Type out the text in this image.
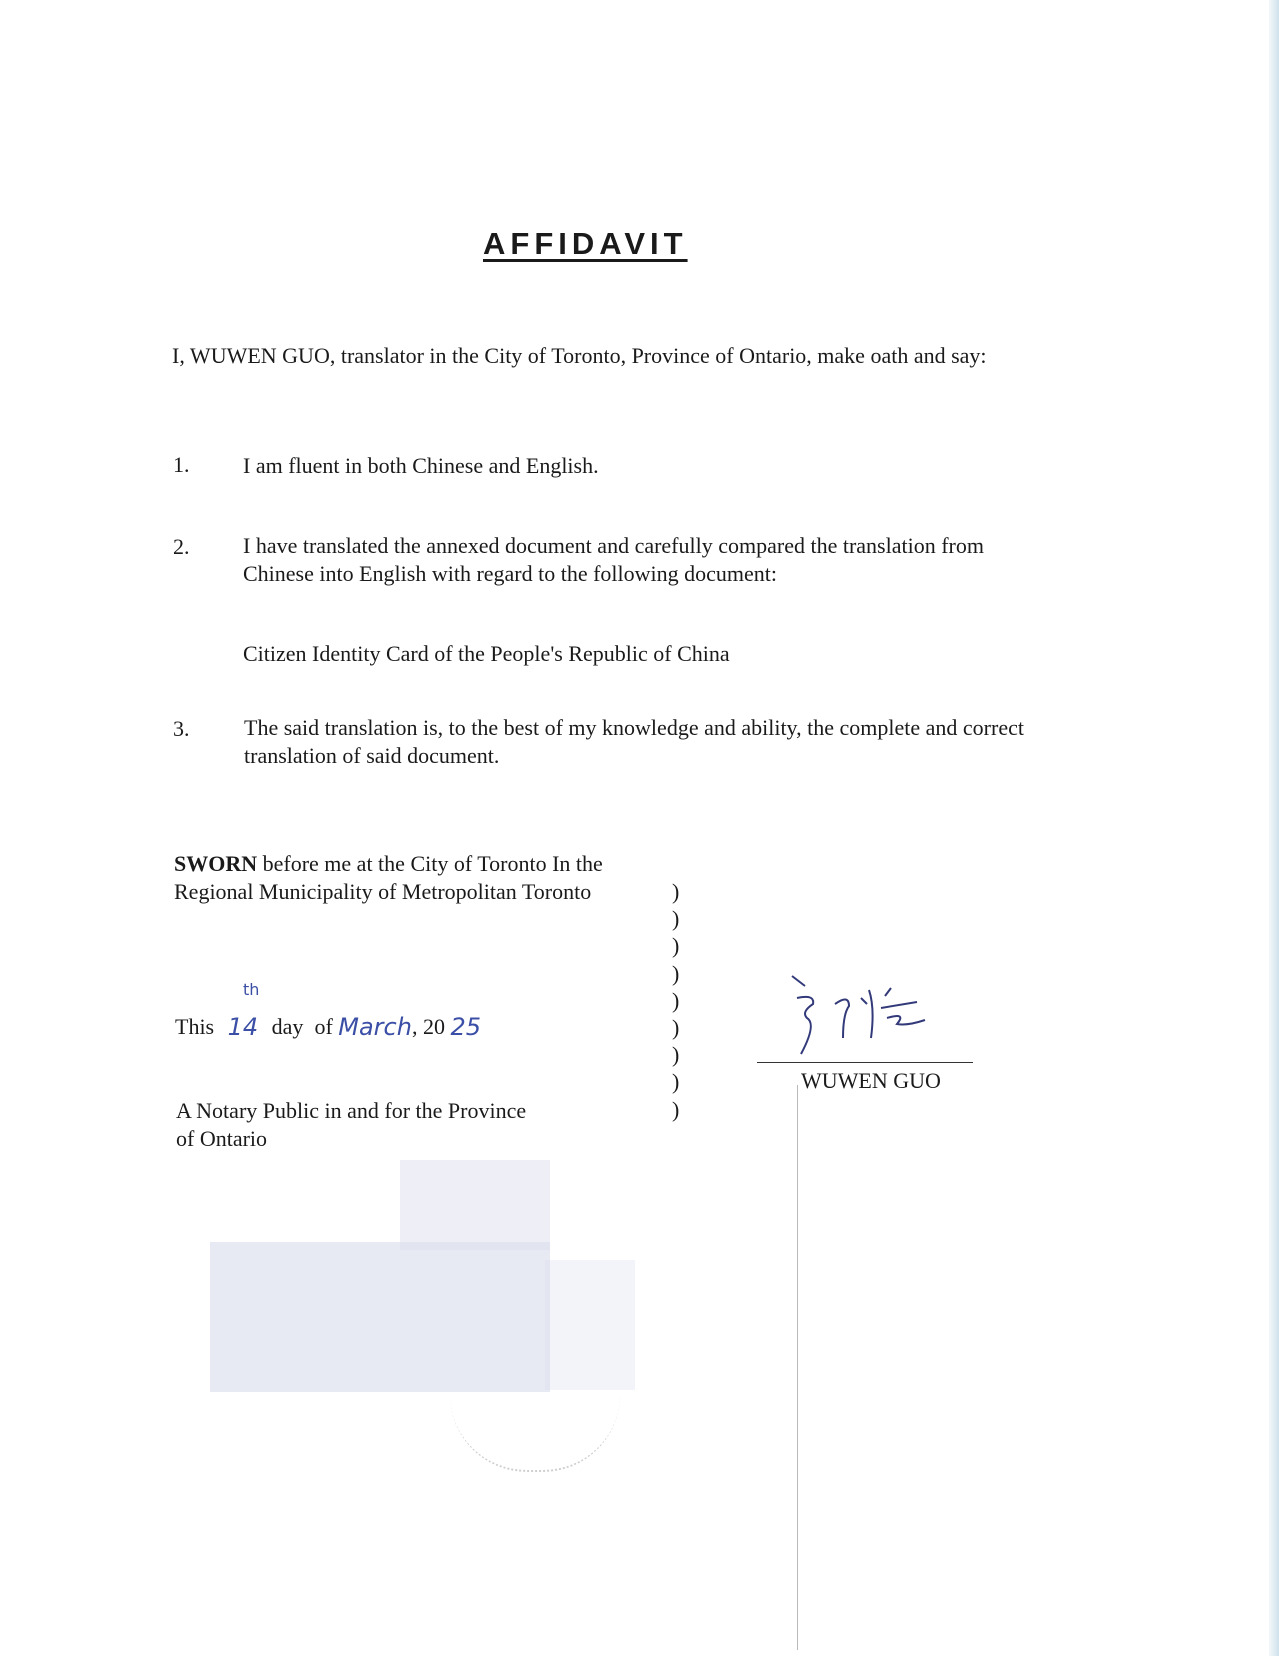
AFFIDAVIT
I, WUWEN GUO, translator in the City of Toronto, Province of Ontario, make oath and say:
1. I am fluent in both Chinese and English.
2. I have translated the annexed document and carefully compared the translation from Chinese into English with regard to the following document:
Citizen Identity Card of the People's Republic of China
3. The said translation is, to the best of my knowledge and ability, the complete and correct translation of said document.
SWORN before me at the City of Toronto In the Regional Municipality of Metropolitan Toronto	)
)
)
)
)
)
)
)
)
th
This 14 day of March, 20 25
A Notary Public in and for the Province of Ontario
WUWEN GUO
